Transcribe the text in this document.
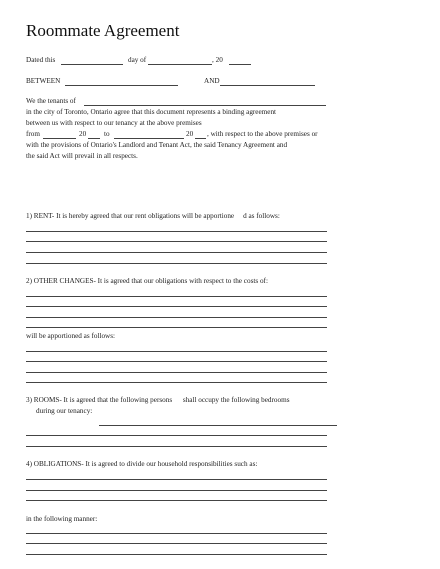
Roommate Agreement
Dated this	day of	, 20
BETWEEN	AND
We the tenants of
in the city of Toronto, Ontario agree that this document represents a binding agreement
between us with respect to our tenancy at the above premises
from	20 to	20 , with respect to the above premises or
with the provisions of Ontario's Landlord and Tenant Act, the said Tenancy Agreement and
the said Act will prevail in all respects.
1) RENT- It is hereby agreed that our rent obligations will be apportione     d as follows:
2) OTHER CHANGES- It is agreed that our obligations with respect to the costs of:
will be apportioned as follows:
3) ROOMS- It is agreed that the following persons      shall occupy the following bedrooms
during our tenancy:
4) OBLIGATIONS- It is agreed to divide our household responsibilities such as:
in the following manner:
